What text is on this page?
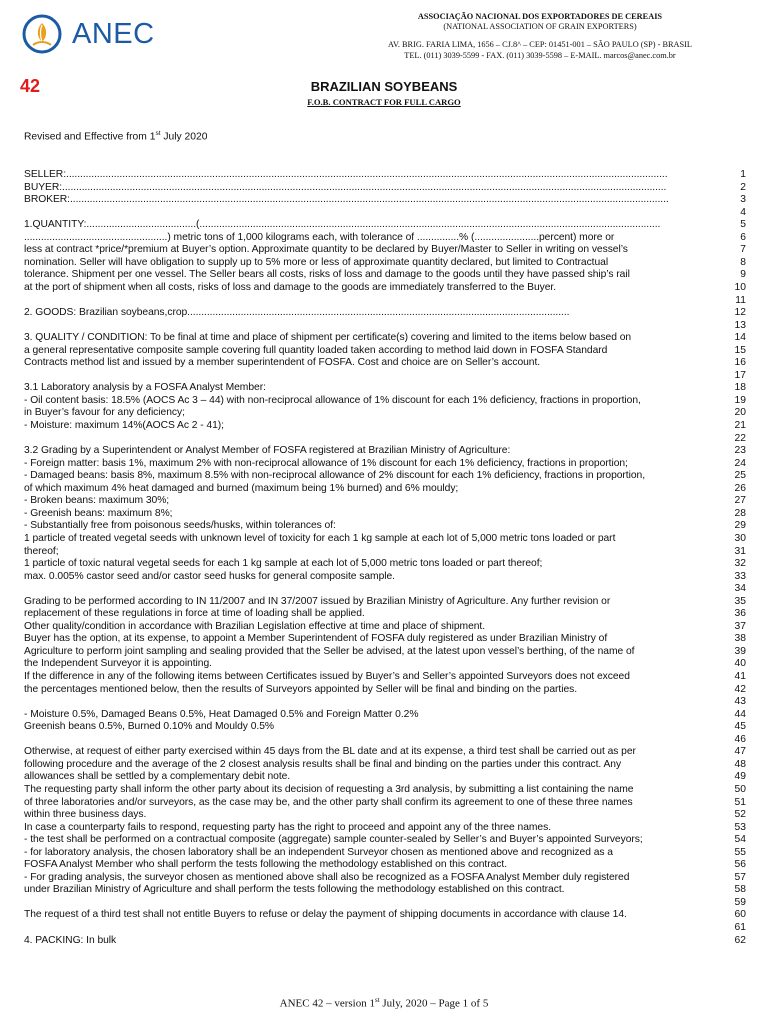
ANEC
ASSOCIAÇÃO NACIONAL DOS EXPORTADORES DE CEREAIS
(NATIONAL ASSOCIATION OF GRAIN EXPORTERS)
AV. BRIG. FARIA LIMA, 1656 – CJ.8^ – CEP: 01451-001 – SÃO PAULO (SP) - BRASIL
TEL. (011) 3039-5599 - FAX. (011) 3039-5598 – E-MAIL. marcos@anec.com.br
42	BRAZILIAN SOYBEANS
F.O.B. CONTRACT FOR FULL CARGO
Revised and Effective from 1st July 2020
SELLER:......................................................................................................................................................................................................................	1
BUYER:.......................................................................................................................................................................................................................	2
BROKER:.....................................................................................................................................................................................................................	3
4
1.QUANTITY:.......................................(....................................................................................................................................................................	5
...................................................) metric tons of 1,000 kilograms each, with tolerance of ...............% (.......................percent) more or	6
less at contract *price/*premium at Buyer’s option. Approximate quantity to be declared by Buyer/Master to Seller in writing on vessel’s	7
nomination. Seller will have obligation to supply up to 5% more or less of approximate quantity declared, but limited to Contractual	8
tolerance. Shipment per one vessel. The Seller bears all costs, risks of loss and damage to the goods until they have passed ship’s rail	9
at the port of shipment when all costs, risks of loss and damage to the goods are immediately transferred to the Buyer.	10
11
2. GOODS: Brazilian soybeans,crop........................................................................................................................................	12
13
3. QUALITY / CONDITION: To be final at time and place of shipment per certificate(s) covering and limited to the items below based on	14
a general representative composite sample covering full quantity loaded taken according to method laid down in FOSFA Standard	15
Contracts method list and issued by a member superintendent of FOSFA. Cost and choice are on Seller’s account.	16
17
3.1 Laboratory analysis by a FOSFA Analyst Member:	18
- Oil content basis: 18.5% (AOCS Ac 3 – 44) with non-reciprocal allowance of 1% discount for each 1% deficiency, fractions in proportion,	19
in Buyer’s favour for any deficiency;	20
- Moisture: maximum 14%(AOCS Ac 2 - 41);	21
22
3.2 Grading by a Superintendent or Analyst Member of FOSFA registered at Brazilian Ministry of Agriculture:	23
- Foreign matter: basis 1%, maximum 2% with non-reciprocal allowance of 1% discount for each 1% deficiency, fractions in proportion;	24
- Damaged beans: basis 8%, maximum 8.5% with non-reciprocal allowance of 2% discount for each 1% deficiency, fractions in proportion,	25
of which maximum 4% heat damaged and burned (maximum being 1% burned) and 6% mouldy;	26
- Broken beans: maximum 30%;	27
- Greenish beans: maximum 8%;	28
- Substantially free from poisonous seeds/husks, within tolerances of:	29
1 particle of treated vegetal seeds with unknown level of toxicity for each 1 kg sample at each lot of 5,000 metric tons loaded or part	30
thereof;	31
1 particle of toxic natural vegetal seeds for each 1 kg sample at each lot of 5,000 metric tons loaded or part thereof;	32
max. 0.005% castor seed and/or castor seed husks for general composite sample.	33
34
Grading to be performed according to IN 11/2007 and IN 37/2007 issued by Brazilian Ministry of Agriculture. Any further revision or	35
replacement of these regulations in force at time of loading shall be applied.	36
Other quality/condition in accordance with Brazilian Legislation effective at time and place of shipment.	37
Buyer has the option, at its expense, to appoint a Member Superintendent of FOSFA duly registered as under Brazilian Ministry of	38
Agriculture to perform joint sampling and sealing provided that the Seller be advised, at the latest upon vessel’s berthing, of the name of	39
the Independent Surveyor it is appointing.	40
If the difference in any of the following items between Certificates issued by Buyer’s and Seller’s appointed Surveyors does not exceed	41
the percentages mentioned below, then the results of Surveyors appointed by Seller will be final and binding on the parties.	42
43
- Moisture 0.5%, Damaged Beans 0.5%, Heat Damaged 0.5% and Foreign Matter 0.2%	44
Greenish beans 0.5%, Burned 0.10% and Mouldy 0.5%	45
46
Otherwise, at request of either party exercised within 45 days from the BL date and at its expense, a third test shall be carried out as per	47
following procedure and the average of the 2 closest analysis results shall be final and binding on the parties under this contract. Any	48
allowances shall be settled by a complementary debit note.	49
The requesting party shall inform the other party about its decision of requesting a 3rd analysis, by submitting a list containing the name	50
of three laboratories and/or surveyors, as the case may be, and the other party shall confirm its agreement to one of these three names	51
within three business days.	52
In case a counterparty fails to respond, requesting party has the right to proceed and appoint any of the three names.	53
- the test shall be performed on a contractual composite (aggregate) sample counter-sealed by Seller’s and Buyer’s appointed Surveyors;	54
- for laboratory analysis, the chosen laboratory shall be an independent Surveyor chosen as mentioned above and recognized as a	55
FOSFA Analyst Member who shall perform the tests following the methodology established on this contract.	56
- For grading analysis, the surveyor chosen as mentioned above shall also be recognized as a FOSFA Analyst Member duly registered	57
under Brazilian Ministry of Agriculture and shall perform the tests following the methodology established on this contract.	58
59
The request of a third test shall not entitle Buyers to refuse or delay the payment of shipping documents in accordance with clause 14.	60
61
4. PACKING: In bulk	62
ANEC 42 – version 1st July, 2020 – Page 1 of 5
